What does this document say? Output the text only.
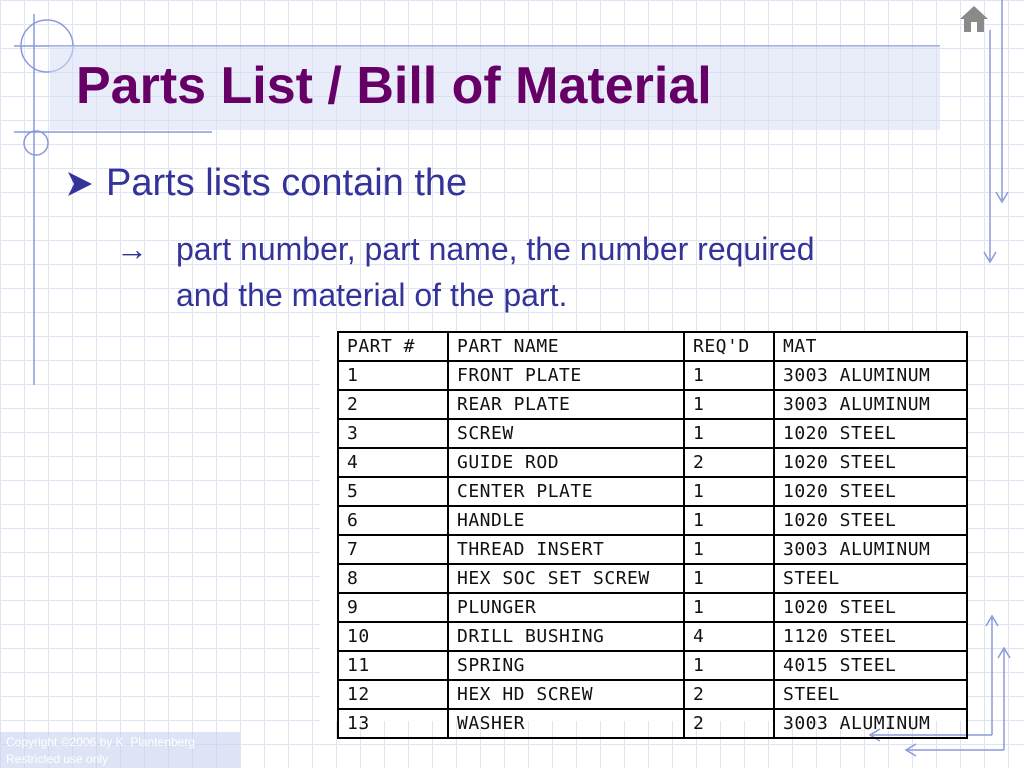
Parts List / Bill of Material
Parts lists contain the
→ part number, part name, the number required and the material of the part.
PART #	PART NAME	REQ'D	MAT
1	FRONT PLATE	1	3003 ALUMINUM
2	REAR PLATE	1	3003 ALUMINUM
3	SCREW	1	1020 STEEL
4	GUIDE ROD	2	1020 STEEL
5	CENTER PLATE	1	1020 STEEL
6	HANDLE	1	1020 STEEL
7	THREAD INSERT	1	3003 ALUMINUM
8	HEX SOC SET SCREW	1	STEEL
9	PLUNGER	1	1020 STEEL
10	DRILL BUSHING	4	1120 STEEL
11	SPRING	1	4015 STEEL
12	HEX HD SCREW	2	STEEL
13	WASHER	2	3003 ALUMINUM
Copyright ©2006 by K. Plantenberg
Restricted use only
